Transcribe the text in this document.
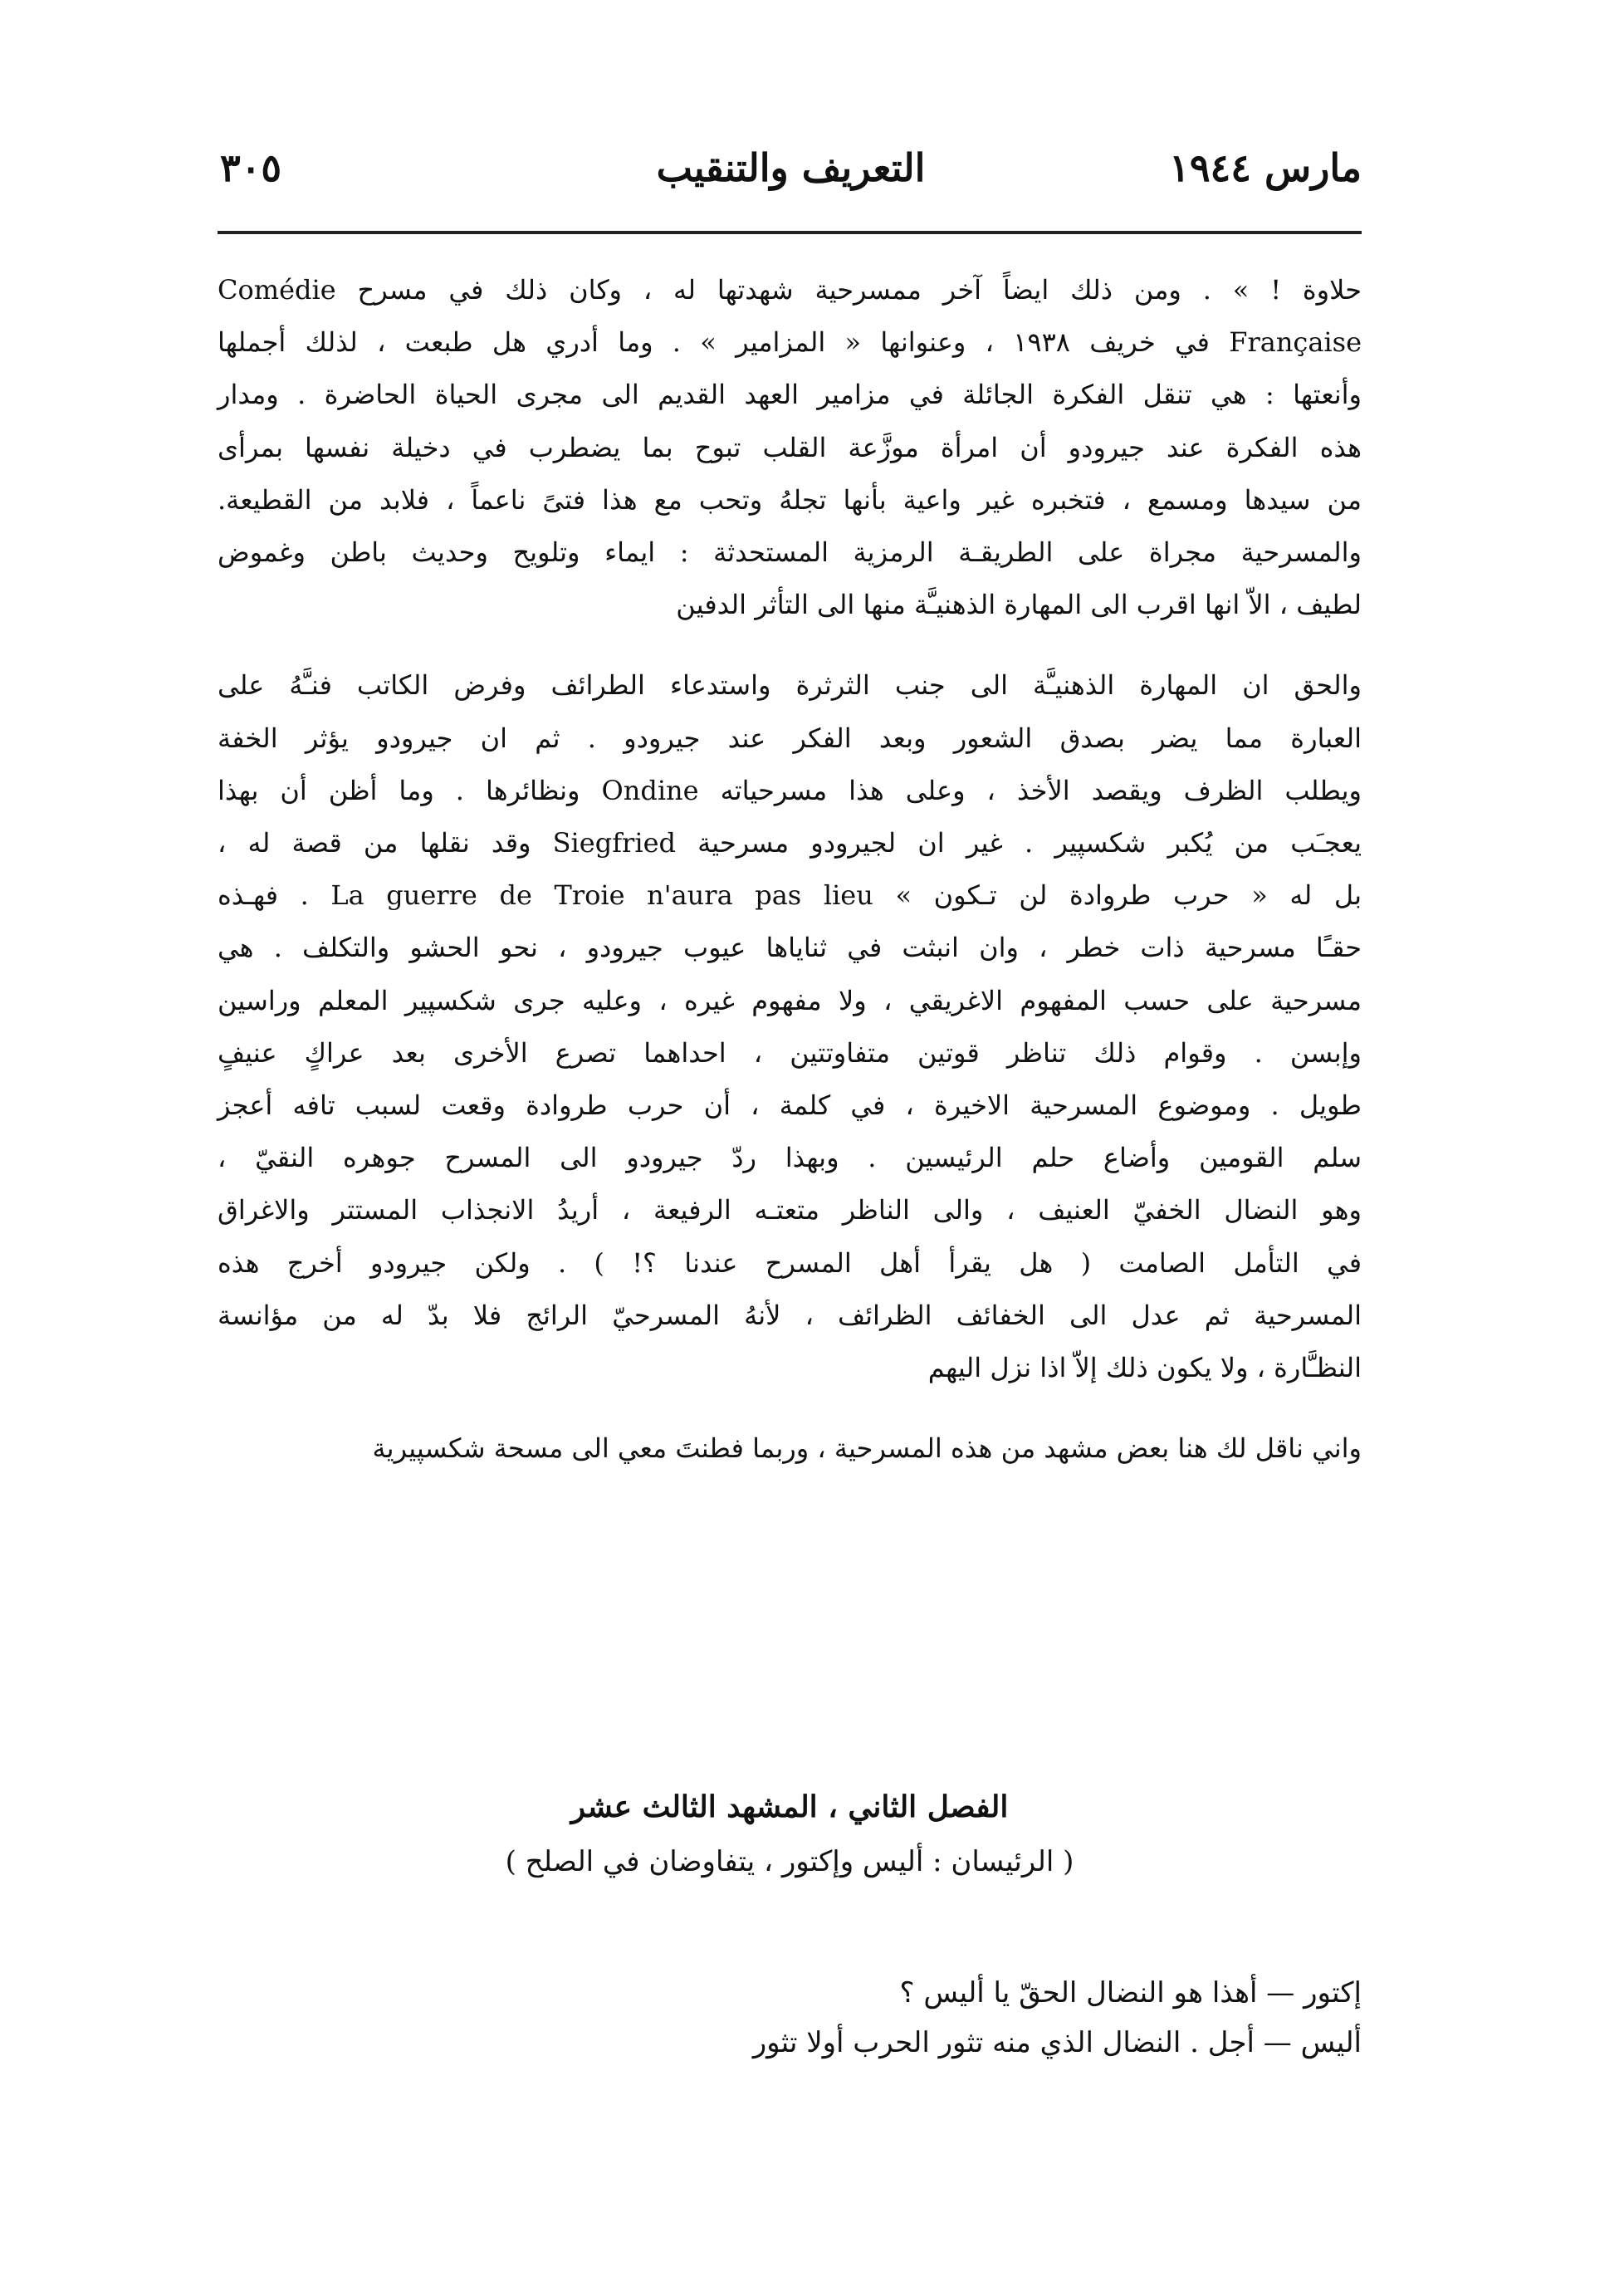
مارس ١٩٤٤
التعريف والتنقيب
٣٠٥
حلاوة ! » . ومن ذلك ايضاً آخر ممسرحية شهدتها له ، وكان ذلك في مسرح Comédie
Française في خريف ١٩٣٨ ، وعنوانها « المزامير » . وما أدري هل طبعت ، لذلك أجملها
وأنعتها : هي تنقل الفكرة الجائلة في مزامير العهد القديم الى مجرى الحياة الحاضرة . ومدار
هذه الفكرة عند جيرودو أن امرأة موزَّعة القلب تبوح بما يضطرب في دخيلة نفسها بمرأى
من سيدها ومسمع ، فتخبره غير واعية بأنها تجلهُ وتحب مع هذا فتىً ناعماً ، فلابد من القطيعة.
والمسرحية مجراة على الطريقـة الرمزية المستحدثة : ايماء وتلويح وحديث باطن وغموض
لطيف ، الاّ انها اقرب الى المهارة الذهنيـَّة منها الى التأثر الدفين
والحق ان المهارة الذهنيـَّة الى جنب الثرثرة واستدعاء الطرائف وفرض الكاتب فنـَّهُ على
العبارة مما يضر بصدق الشعور وبعد الفكر عند جيرودو . ثم ان جيرودو يؤثر الخفة
ويطلب الظرف ويقصد الأخذ ، وعلى هذا مسرحياته Ondine ونظائرها . وما أظن أن بهذا
يعجـَب من يُكبر شكسپير . غير ان لجيرودو مسرحية Siegfried وقد نقلها من قصة له ،
بل له « حرب طروادة لن تـكون » La guerre de Troie n'aura pas lieu . فهـذه
حقـًا مسرحية ذات خطر ، وان انبثت في ثناياها عيوب جيرودو ، نحو الحشو والتكلف . هي
مسرحية على حسب المفهوم الاغريقي ، ولا مفهوم غيره ، وعليه جرى شكسپير المعلم وراسين
وإبسن . وقوام ذلك تناظر قوتين متفاوتتين ، احداهما تصرع الأخرى بعد عراكٍ عنيفٍ
طويل . وموضوع المسرحية الاخيرة ، في كلمة ، أن حرب طروادة وقعت لسبب تافه أعجز
سلم القومين وأضاع حلم الرئيسين . وبهذا ردّ جيرودو الى المسرح جوهره النقيّ ،
وهو النضال الخفيّ العنيف ، والى الناظر متعتـه الرفيعة ، أريدُ الانجذاب المستتر والاغراق
في التأمل الصامت ( هل يقرأ أهل المسرح عندنا ؟! ) . ولكن جيرودو أخرج هذه
المسرحية ثم عدل الى الخفائف الظرائف ، لأنهُ المسرحيّ الرائج فلا بدّ له من مؤانسة
النظـَّارة ، ولا يكون ذلك إلاّ اذا نزل اليهم
واني ناقل لك هنا بعض مشهد من هذه المسرحية ، وربما فطنتَ معي الى مسحة شكسپيرية
الفصل الثاني ، المشهد الثالث عشر
( الرئيسان : أليس وإكتور ، يتفاوضان في الصلح )
إكتور — أهذا هو النضال الحقّ يا أليس ؟
أليس — أجل . النضال الذي منه تثور الحرب أولا تثور
